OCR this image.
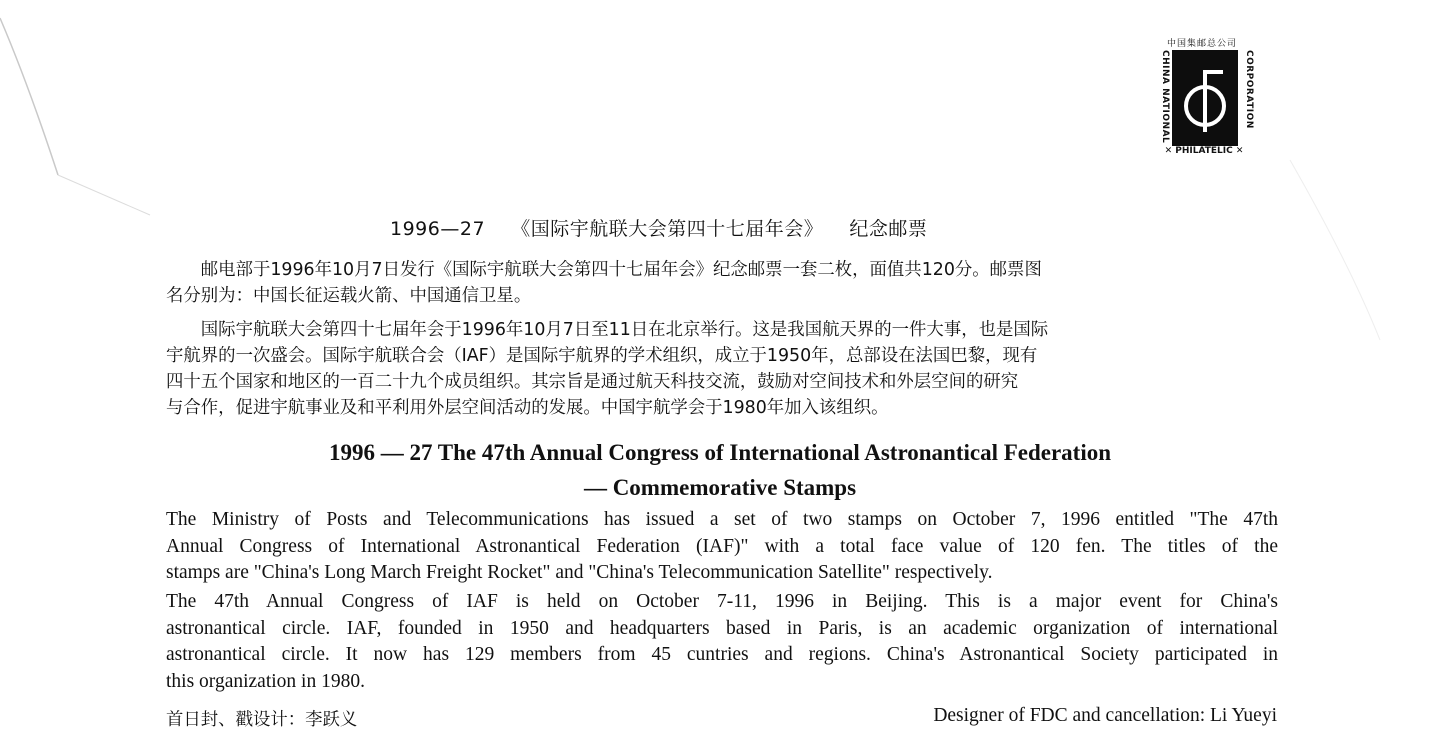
中国集邮总公司
CHINA NATIONAL	CORPORATION
✕ PHILATELIC ✕
1996—27 《国际宇航联大会第四十七届年会》 纪念邮票
　　邮电部于1996年10月7日发行《国际宇航联大会第四十七届年会》纪念邮票一套二枚，面值共120分。邮票图
名分别为：中国长征运载火箭、中国通信卫星。
　　国际宇航联大会第四十七届年会于1996年10月7日至11日在北京举行。这是我国航天界的一件大事，也是国际
宇航界的一次盛会。国际宇航联合会（IAF）是国际宇航界的学术组织，成立于1950年，总部设在法国巴黎，现有
四十五个国家和地区的一百二十九个成员组织。其宗旨是通过航天科技交流，鼓励对空间技术和外层空间的研究
与合作，促进宇航事业及和平利用外层空间活动的发展。中国宇航学会于1980年加入该组织。
1996 — 27 The 47th Annual Congress of International Astronantical Federation
— Commemorative Stamps
The Ministry of Posts and Telecommunications has issued a set of two stamps on October 7, 1996 entitled "The 47th
Annual Congress of International Astronantical Federation (IAF)" with a total face value of 120 fen. The titles of the
stamps are "China's Long March Freight Rocket" and "China's Telecommunication Satellite" respectively.
The 47th Annual Congress of IAF is held on October 7-11, 1996 in Beijing. This is a major event for China's
astronantical circle. IAF, founded in 1950 and headquarters based in Paris, is an academic organization of international
astronantical circle. It now has 129 members from 45 cuntries and regions. China's Astronantical Society participated in
this organization in 1980.
首日封、戳设计：李跃义	Designer of FDC and cancellation: Li Yueyi
